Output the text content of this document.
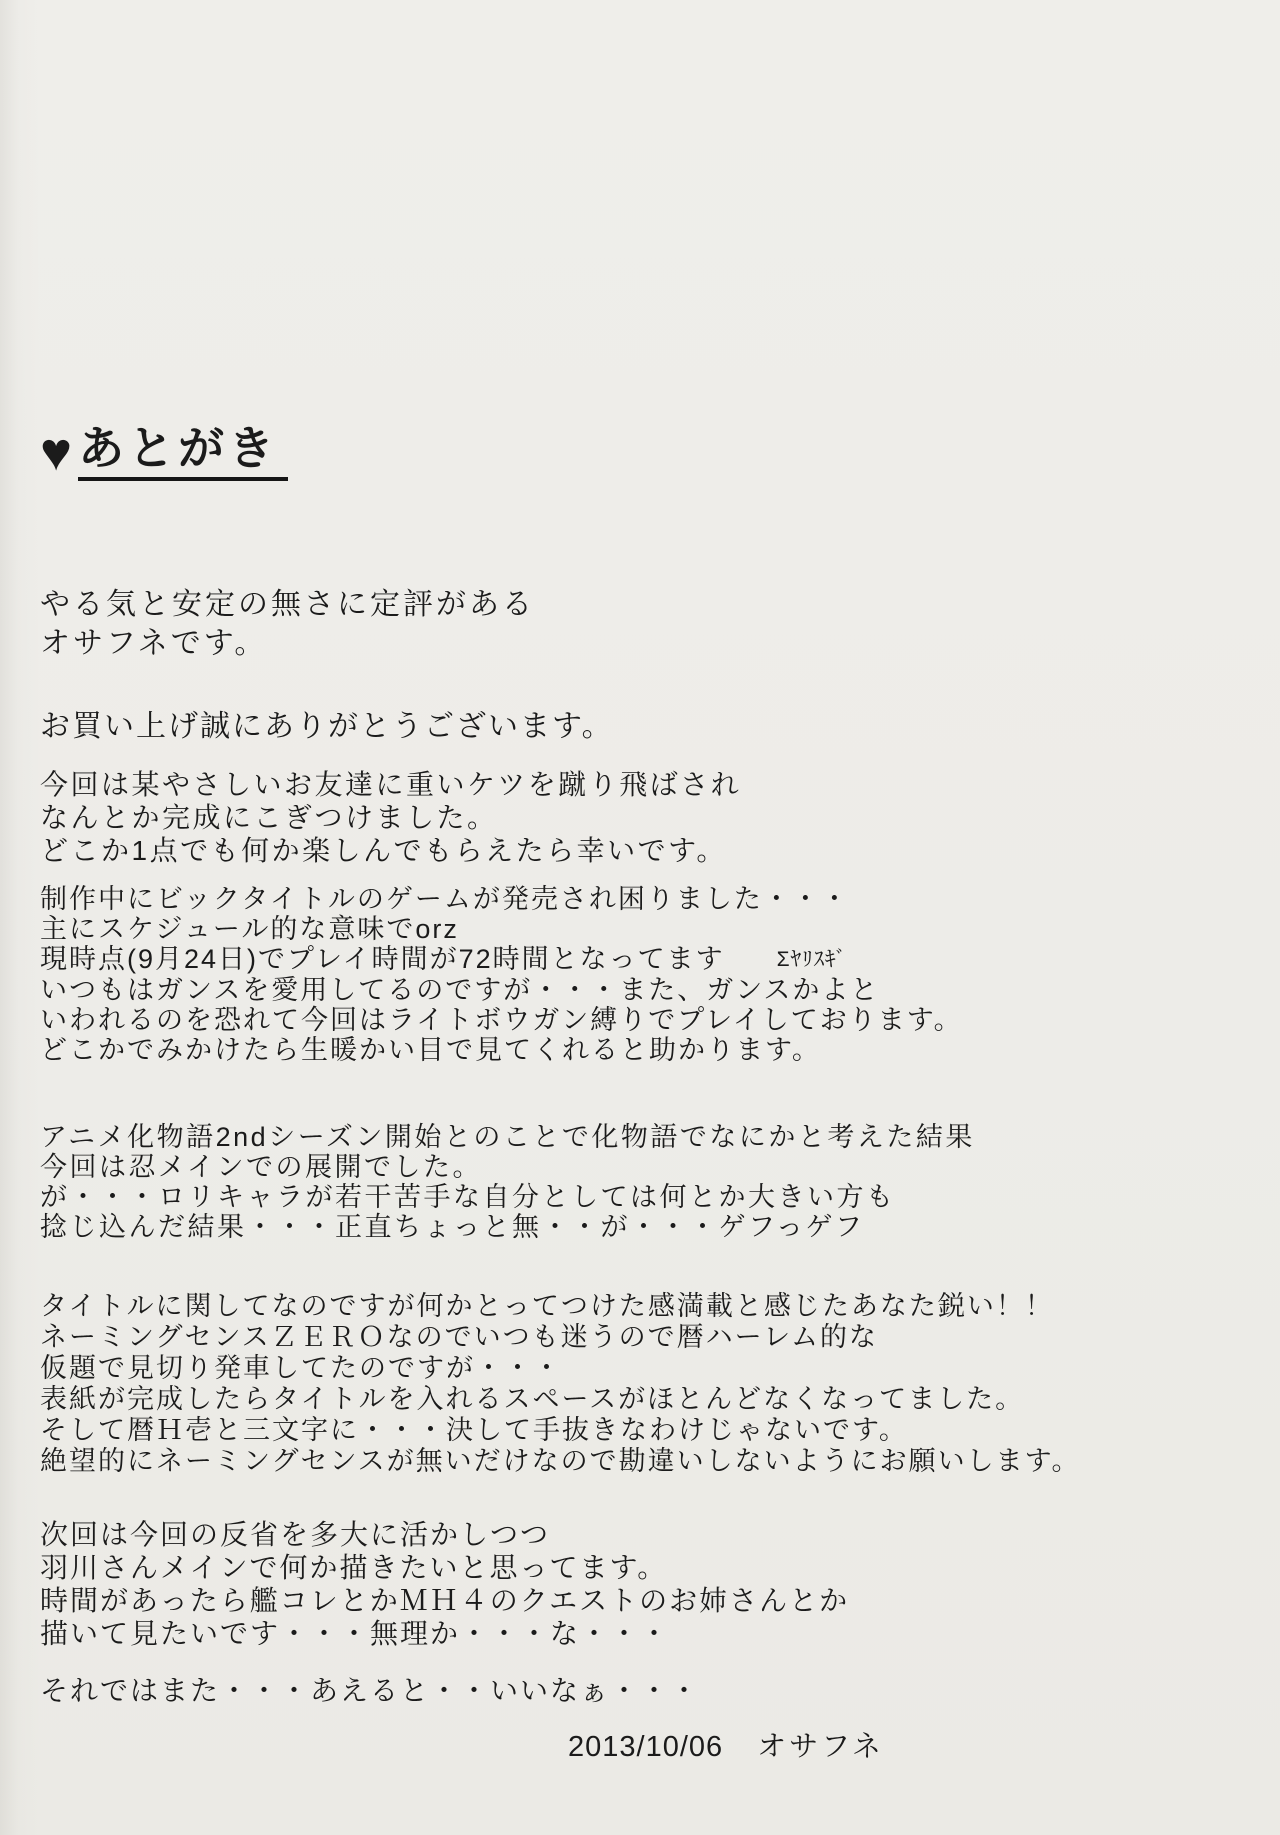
♥あとがき
やる気と安定の無さに定評がある
オサフネです。
お買い上げ誠にありがとうございます。
今回は某やさしいお友達に重いケツを蹴り飛ばされ
なんとか完成にこぎつけました。
どこか1点でも何か楽しんでもらえたら幸いです。
制作中にビックタイトルのゲームが発売され困りました・・・
主にスケジュール的な意味でorz
現時点(9月24日)でプレイ時間が72時間となってます Σﾔﾘｽｷﾞ
いつもはガンスを愛用してるのですが・・・また、ガンスかよと
いわれるのを恐れて今回はライトボウガン縛りでプレイしております。
どこかでみかけたら生暖かい目で見てくれると助かります。
アニメ化物語2ndシーズン開始とのことで化物語でなにかと考えた結果
今回は忍メインでの展開でした。
が・・・ロリキャラが若干苦手な自分としては何とか大きい方も
捻じ込んだ結果・・・正直ちょっと無・・が・・・ゲフっゲフ
タイトルに関してなのですが何かとってつけた感満載と感じたあなた鋭い！！
ネーミングセンスＺＥＲＯなのでいつも迷うので暦ハーレム的な
仮題で見切り発車してたのですが・・・
表紙が完成したらタイトルを入れるスペースがほとんどなくなってました。
そして暦Ｈ壱と三文字に・・・決して手抜きなわけじゃないです。
絶望的にネーミングセンスが無いだけなので勘違いしないようにお願いします。
次回は今回の反省を多大に活かしつつ
羽川さんメインで何か描きたいと思ってます。
時間があったら艦コレとかＭＨ４のクエストのお姉さんとか
描いて見たいです・・・無理か・・・な・・・
それではまた・・・あえると・・いいなぁ・・・
2013/10/06 オサフネ
